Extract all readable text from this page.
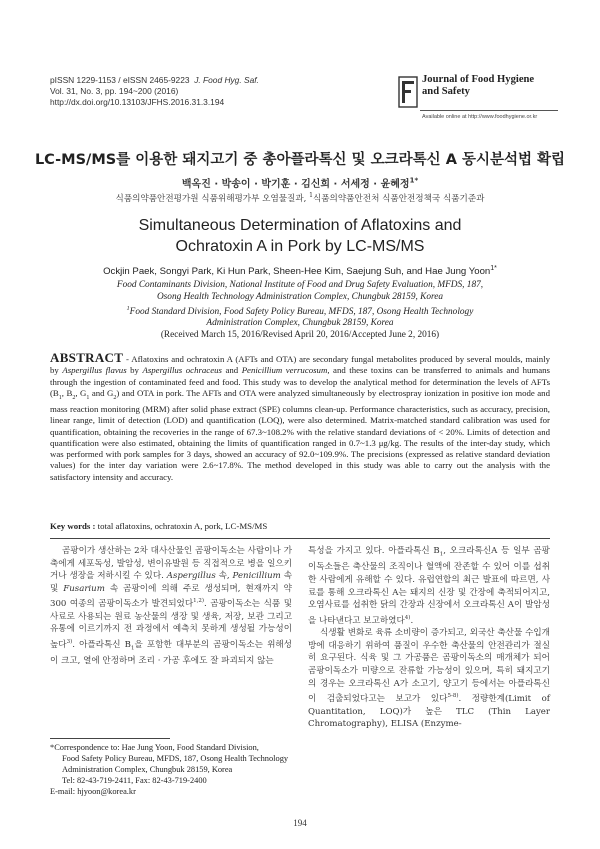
pISSN 1229-1153 / eISSN 2465-9223 J. Food Hyg. Saf.
Vol. 31, No. 3, pp. 194~200 (2016)
http://dx.doi.org/10.13103/JFHS.2016.31.3.194
Journal of Food Hygiene
and Safety
Available online at http://www.foodhygiene.or.kr
LC-MS/MS를 이용한 돼지고기 중 총아플라톡신 및 오크라톡신 A 동시분석법 확립
백옥진 · 박송이 · 박기훈 · 김신희 · 서세정 · 윤혜정$^{1*}$
식품의약품안전평가원 식품위해평가부 오염물질과, $^1$식품의약품안전처 식품안전정책국 식품기준과
Simultaneous Determination of Aflatoxins and
Ochratoxin A in Pork by LC-MS/MS
Ockjin Paek, Songyi Park, Ki Hun Park, Sheen-Hee Kim, Saejung Suh, and Hae Jung Yoon$^{1*}$
Food Contaminants Division, National Institute of Food and Drug Safety Evaluation, MFDS, 187,
Osong Health Technology Administration Complex, Chungbuk 28159, Korea
$^1$Food Standard Division, Food Safety Policy Bureau, MFDS, 187, Osong Health Technology
Administration Complex, Chungbuk 28159, Korea
(Received March 15, 2016/Revised April 20, 2016/Accepted June 2, 2016)
ABSTRACT - Aflatoxins and ochratoxin A (AFTs and OTA) are secondary fungal metabolites produced by several moulds, mainly by Aspergillus flavus by Aspergillus ochraceus and Penicillium verrucosum, and these toxins can be transferred to animals and humans through the ingestion of contaminated feed and food. This study was to develop the analytical method for determination the levels of AFTs ($B_1$, $B_2$, $G_1$ and $G_2$) and OTA in pork. The AFTs and OTA were analyzed simultaneously by electrospray ionization in positive ion mode and mass reaction monitoring (MRM) after solid phase extract (SPE) columns clean-up. Performance characteristics, such as accuracy, precision, linear range, limit of detection (LOD) and quantification (LOQ), were also determined. Matrix-matched standard calibration was used for quantification, obtaining the recoveries in the range of 67.3~108.2% with the relative standard deviations of < 20%. Limits of detection and quantification were also estimated, obtaining the limits of quantification ranged in 0.7~1.3 μg/kg. The results of the inter-day study, which was performed with pork samples for 3 days, showed an accuracy of 92.0~109.9%. The precisions (expressed as relative standard deviation values) for the inter day variation were 2.6~17.8%. The method developed in this study was able to carry out the analysis with the satisfactory intensity and accuracy.
Key words : total aflatoxins, ochratoxin A, pork, LC-MS/MS

곰팡이가 생산하는 2차 대사산물인 곰팡이독소는 사람이나 가축에게 세포독성, 발암성, 변이유발원 등 직접적으로 병을 일으키거나 생장을 저하시킬 수 있다. Aspergillus 속, Penicillium 속 및 Fusarium 속 곰팡이에 의해 주로 생성되며, 현재까지 약 300 여종의 곰팡이독소가 발견되었다$^{1,2)}$. 곰팡이독소는 식품 및 사료로 사용되는 원료 농산물의 생장 및 생육, 저장, 보관 그리고 유통에 이르기까지 전 과정에서 예측치 못하게 생성될 가능성이 높다$^{3)}$. 아플라톡신 $B_1$을 포함한 대부분의 곰팡이독소는 위해성이 크고, 열에 안정하며 조리 · 가공 후에도 잘 파괴되지 않는

특성을 가지고 있다. 아플라톡신 $B_1$, 오크라톡신A 등 일부 곰팡이독소들은 축산물의 조직이나 혈액에 잔존할 수 있어 이를 섭취한 사람에게 유해할 수 있다. 유럽연합의 최근 발표에 따르면, 사료를 통해 오크라톡신 A는 돼지의 신장 및 간장에 축적되어지고, 오염사료를 섭취한 닭의 간장과 신장에서 오크라톡신 A이 발암성을 나타낸다고 보고하였다$^{4)}$.

식생활 변화로 육류 소비량이 증가되고, 외국산 축산물 수입개방에 대응하기 위하여 품질이 우수한 축산물의 안전관리가 절실히 요구된다. 식육 및 그 가공품은 곰팡이독소의 매개체가 되어 곰팡이독소가 미량으로 잔류할 가능성이 있으며, 특히 돼지고기의 경우는 오크라톡신 A가 소고기, 양고기 등에서는 아플라톡신이 검출되었다고는 보고가 있다$^{5-8)}$. 정량한계(Limit of Quantitation, LOQ)가 높은 TLC (Thin Layer Chromatography), ELISA (Enzyme-

*Correspondence to: Hae Jung Yoon, Food Standard Division,
Food Safety Policy Bureau, MFDS, 187, Osong Health Technology
Administration Complex, Chungbuk 28159, Korea
Tel: 82-43-719-2411, Fax: 82-43-719-2400
E-mail: hjyoon@korea.kr
194
